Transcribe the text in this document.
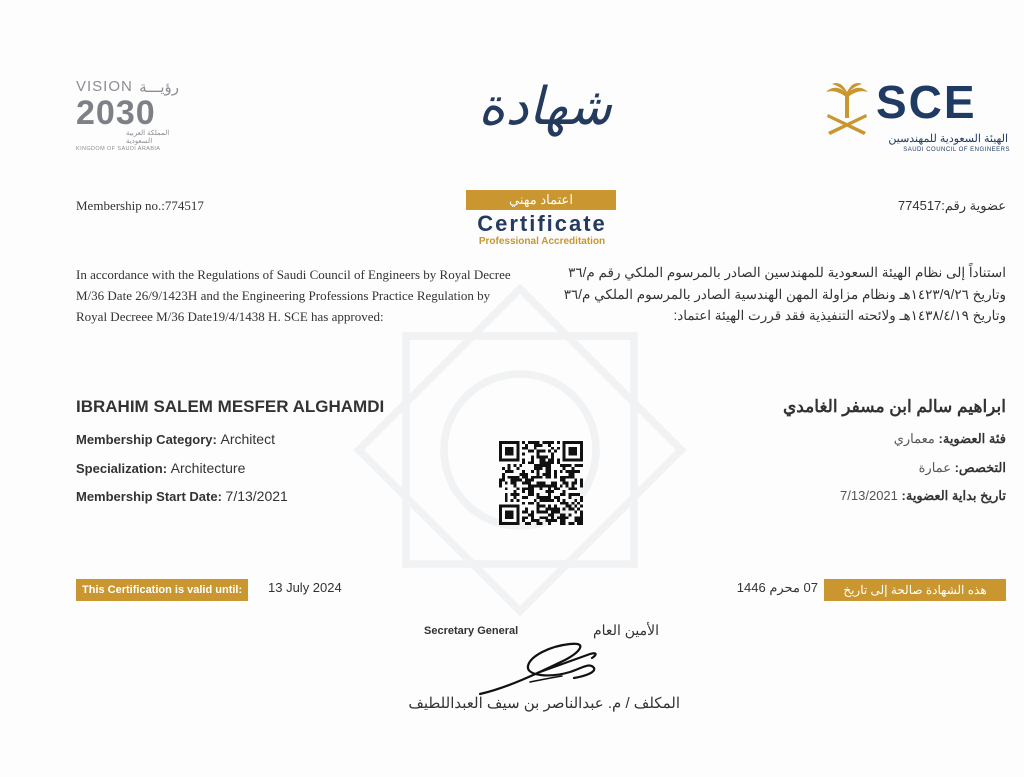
VISION رؤيـــة
2030
المملكة العربية السعودية
KINGDOM OF SAUDI ARABIA
SCE
الهيئة السعودية للمهندسين
SAUDI COUNCIL OF ENGINEERS
شهادة
اعتماد مهني
Certificate
Professional Accreditation
Membership no.:774517	عضوية رقم:774517
In accordance with the Regulations of Saudi Council of Engineers by Royal Decree M/36 Date 26/9/1423H and the Engineering Professions Practice Regulation by Royal Decreee M/36 Date19/4/1438 H. SCE has approved:
استناداً إلى نظام الهيئة السعودية للمهندسين الصادر بالمرسوم الملكي رقم م/٣٦ وتاريخ ١٤٢٣/٩/٢٦هـ ونظام مزاولة المهن الهندسية الصادر بالمرسوم الملكي م/٣٦ وتاريخ ١٤٣٨/٤/١٩هـ ولائحته التنفيذية فقد قررت الهيئة اعتماد:
IBRAHIM SALEM MESFER ALGHAMDI	ابراهيم سالم ابن مسفر الغامدي
Membership Category: Architect
Specialization: Architecture
Membership Start Date: 7/13/2021
فئة العضوية: معماري
التخصص: عمارة
تاريخ بداية العضوية: 7/13/2021
This Certification is valid until:	13 July 2024	هذه الشهادة صالحة إلى تاريخ
07 محرم 1446
Secretary General	الأمين العام
المكلف / م. عبدالناصر بن سيف العبداللطيف
